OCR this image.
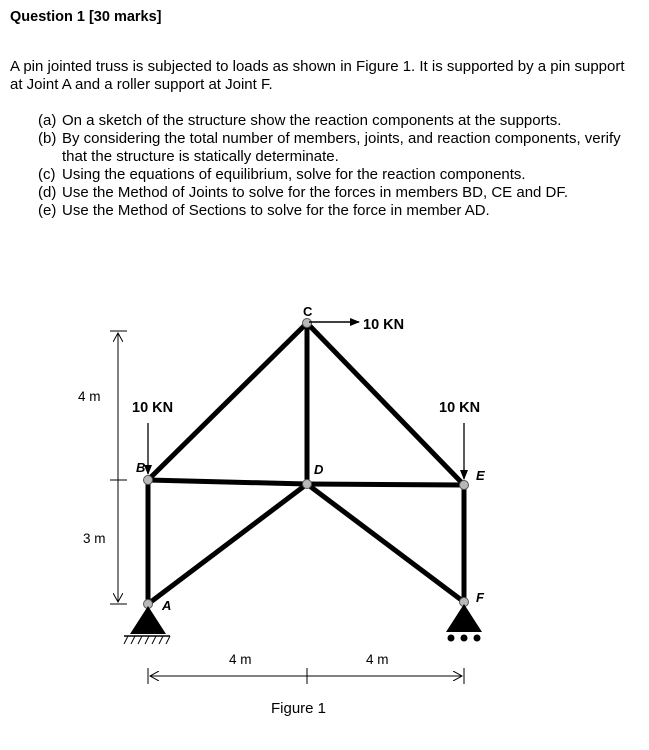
Question 1 [30 marks]
A pin jointed truss is subjected to loads as shown in Figure 1. It is supported by a pin support at Joint A and a roller support at Joint F.
(a) On a sketch of the structure show the reaction components at the supports.
(b) By considering the total number of members, joints, and reaction components, verify that the structure is statically determinate.
(c) Using the equations of equilibrium, solve for the reaction components.
(d) Use the Method of Joints to solve for the forces in members BD, CE and DF.
(e) Use the Method of Sections to solve for the force in member AD.
10 KN
10 KN	10 KN
C
B	D	E
A
F
4 m
3 m
4 m	4 m
Figure 1
